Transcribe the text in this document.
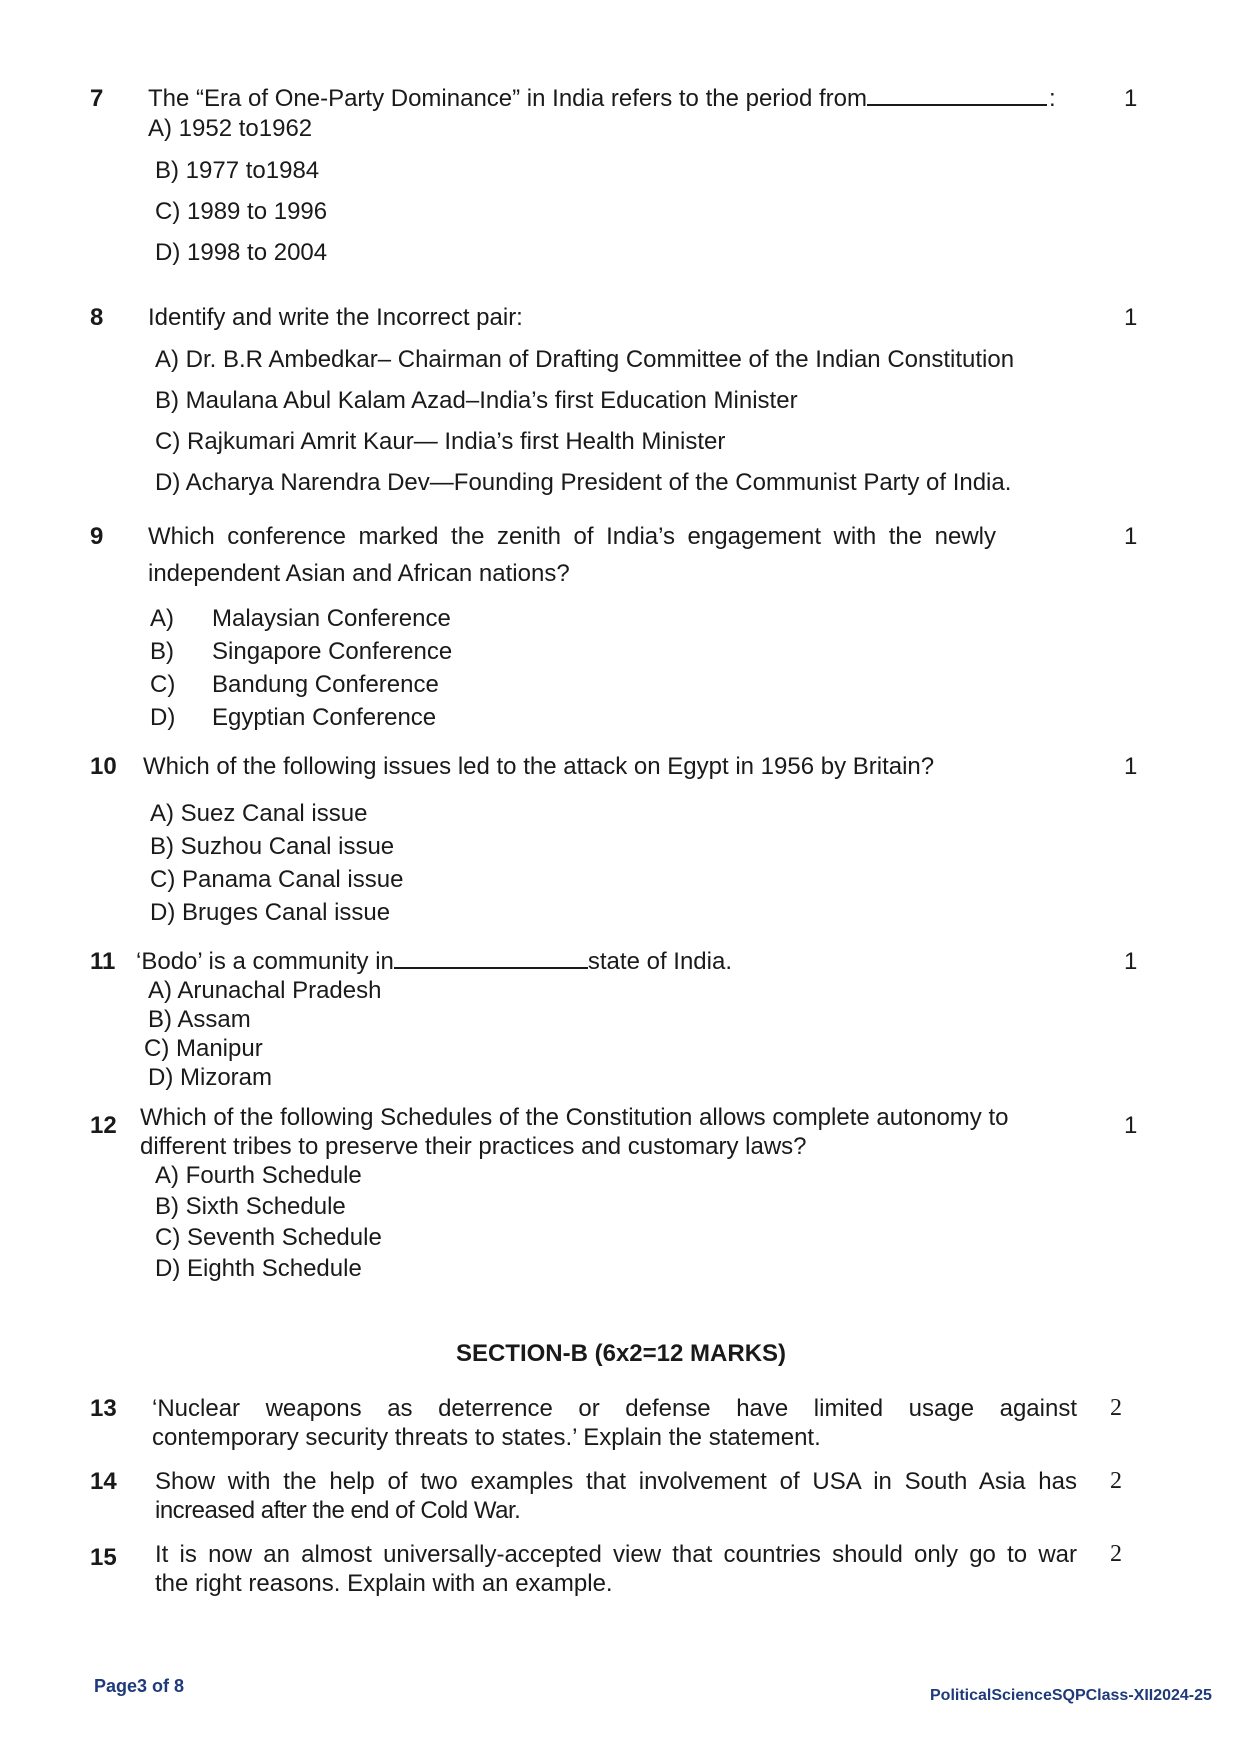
7 The “Era of One-Party Dominance” in India refers to the period from	:	1
A) 1952 to1962
B) 1977 to1984
C) 1989 to 1996
D) 1998 to 2004
8 Identify and write the Incorrect pair:	1
A) Dr. B.R Ambedkar– Chairman of Drafting Committee of the Indian Constitution
B) Maulana Abul Kalam Azad–India’s first Education Minister
C) Rajkumari Amrit Kaur— India’s first Health Minister
D) Acharya Narendra Dev—Founding President of the Communist Party of India.
9 Which conference marked the zenith of India’s engagement with the newly
independent Asian and African nations?
1
A) Malaysian Conference
B) Singapore Conference
C) Bandung Conference
D) Egyptian Conference
10 Which of the following issues led to the attack on Egypt in 1956 by Britain?	1
A) Suez Canal issue
B) Suzhou Canal issue
C) Panama Canal issue
D) Bruges Canal issue
11 ‘Bodo’ is a community in	state of India.	1
A) Arunachal Pradesh
B) Assam
C) Manipur
D) Mizoram
12 Which of the following Schedules of the Constitution allows complete autonomy to
different tribes to preserve their practices and customary laws?
1
A) Fourth Schedule
B) Sixth Schedule
C) Seventh Schedule
D) Eighth Schedule
SECTION-B (6x2=12 MARKS)
13 ‘Nuclear weapons as deterrence or defense have limited usage against
contemporary security threats to states.’ Explain the statement.
2
14 Show with the help of two examples that involvement of USA in South Asia has
increased after the end of Cold War.
2
15 It is now an almost universally-accepted view that countries should only go to war
the right reasons. Explain with an example.
2
Page3 of 8	PoliticalScienceSQPClass-XII2024-25
